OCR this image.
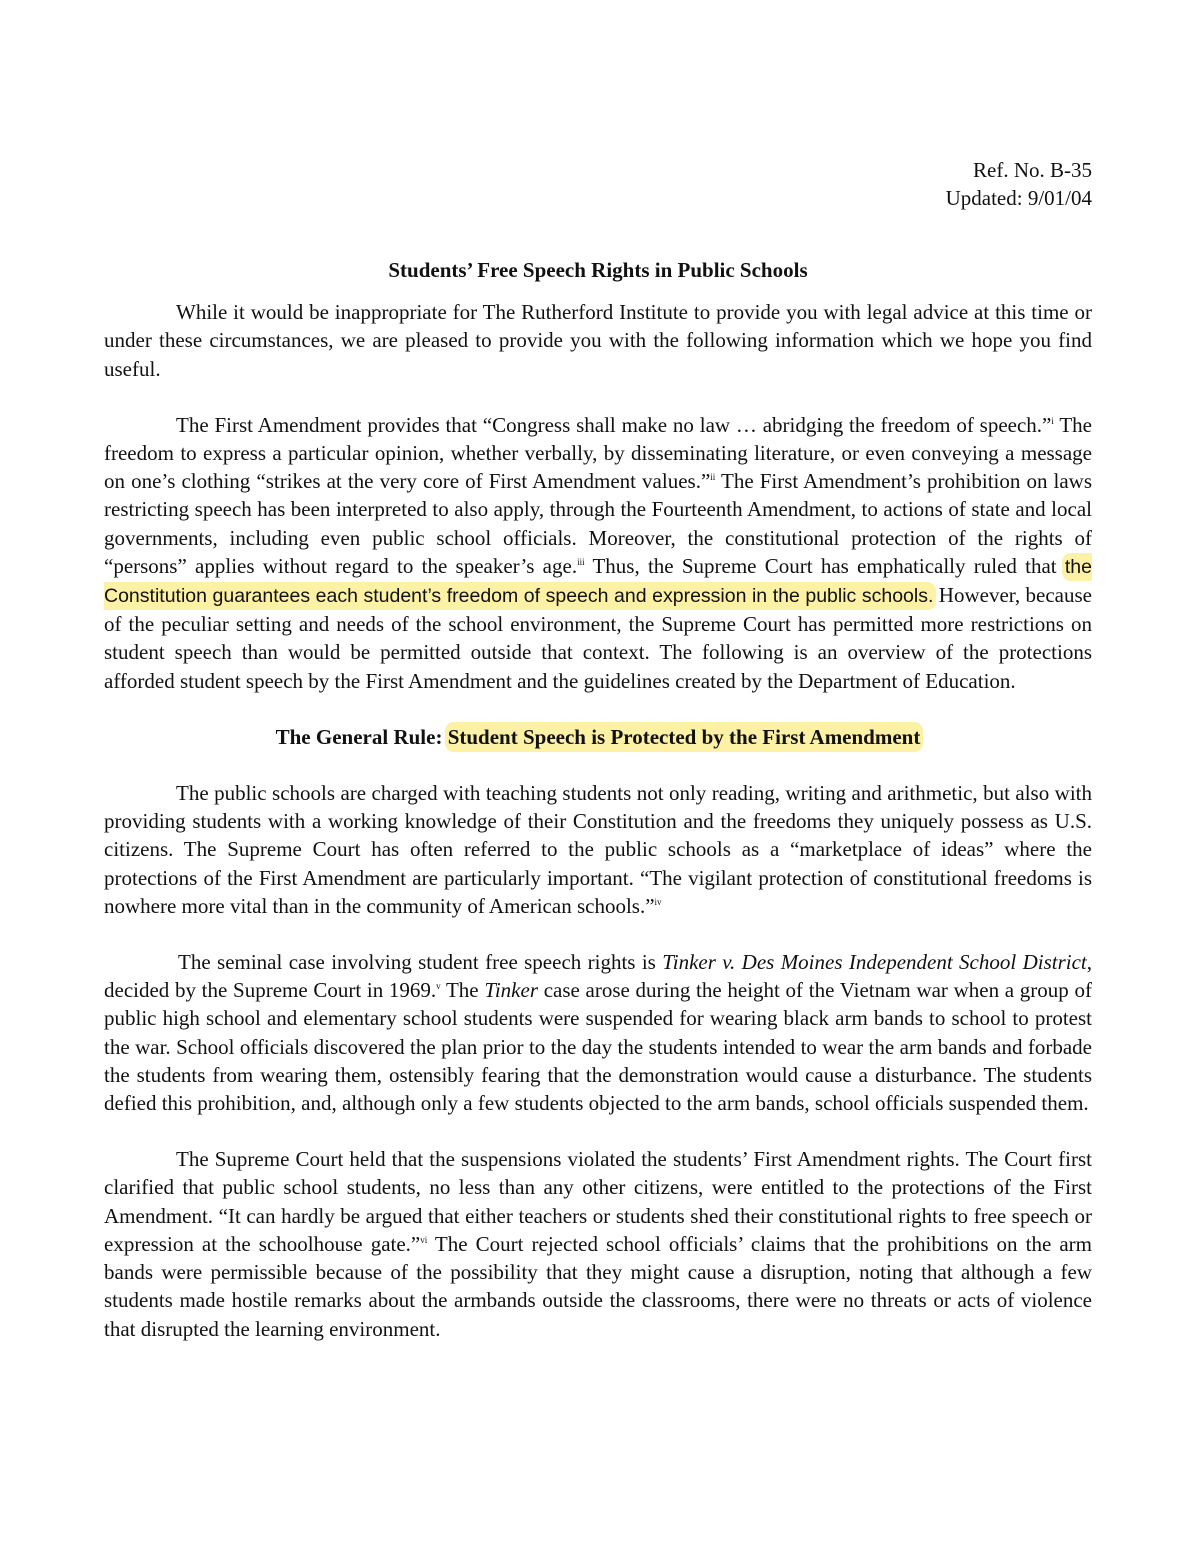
Ref. No. B-35
Updated: 9/01/04
Students’ Free Speech Rights in Public Schools

While it would be inappropriate for The Rutherford Institute to provide you with legal advice at this time or under these circumstances, we are pleased to provide you with the following information which we hope you find useful.

The First Amendment provides that “Congress shall make no law … abridging the freedom of speech.”$^i$ The freedom to express a particular opinion, whether verbally, by disseminating literature, or even conveying a message on one’s clothing “strikes at the very core of First Amendment values.”$^{ii}$ The First Amendment’s prohibition on laws restricting speech has been interpreted to also apply, through the Fourteenth Amendment, to actions of state and local governments, including even public school officials. Moreover, the constitutional protection of the rights of “persons” applies without regard to the speaker’s age.$^{iii}$ Thus, the Supreme Court has emphatically ruled that the Constitution guarantees each student’s freedom of speech and expression in the public schools. However, because of the peculiar setting and needs of the school environment, the Supreme Court has permitted more restrictions on student speech than would be permitted outside that context. The following is an overview of the protections afforded student speech by the First Amendment and the guidelines created by the Department of Education.

The General Rule: Student Speech is Protected by the First Amendment

The public schools are charged with teaching students not only reading, writing and arithmetic, but also with providing students with a working knowledge of their Constitution and the freedoms they uniquely possess as U.S. citizens. The Supreme Court has often referred to the public schools as a “marketplace of ideas” where the protections of the First Amendment are particularly important. “The vigilant protection of constitutional freedoms is nowhere more vital than in the community of American schools.”$^{iv}$

The seminal case involving student free speech rights is Tinker v. Des Moines Independent School District, decided by the Supreme Court in 1969.$^v$ The Tinker case arose during the height of the Vietnam war when a group of public high school and elementary school students were suspended for wearing black arm bands to school to protest the war. School officials discovered the plan prior to the day the students intended to wear the arm bands and forbade the students from wearing them, ostensibly fearing that the demonstration would cause a disturbance. The students defied this prohibition, and, although only a few students objected to the arm bands, school officials suspended them.

The Supreme Court held that the suspensions violated the students’ First Amendment rights. The Court first clarified that public school students, no less than any other citizens, were entitled to the protections of the First Amendment. “It can hardly be argued that either teachers or students shed their constitutional rights to free speech or expression at the schoolhouse gate.”$^{vi}$ The Court rejected school officials’ claims that the prohibitions on the arm bands were permissible because of the possibility that they might cause a disruption, noting that although a few students made hostile remarks about the armbands outside the classrooms, there were no threats or acts of violence that disrupted the learning environment.
